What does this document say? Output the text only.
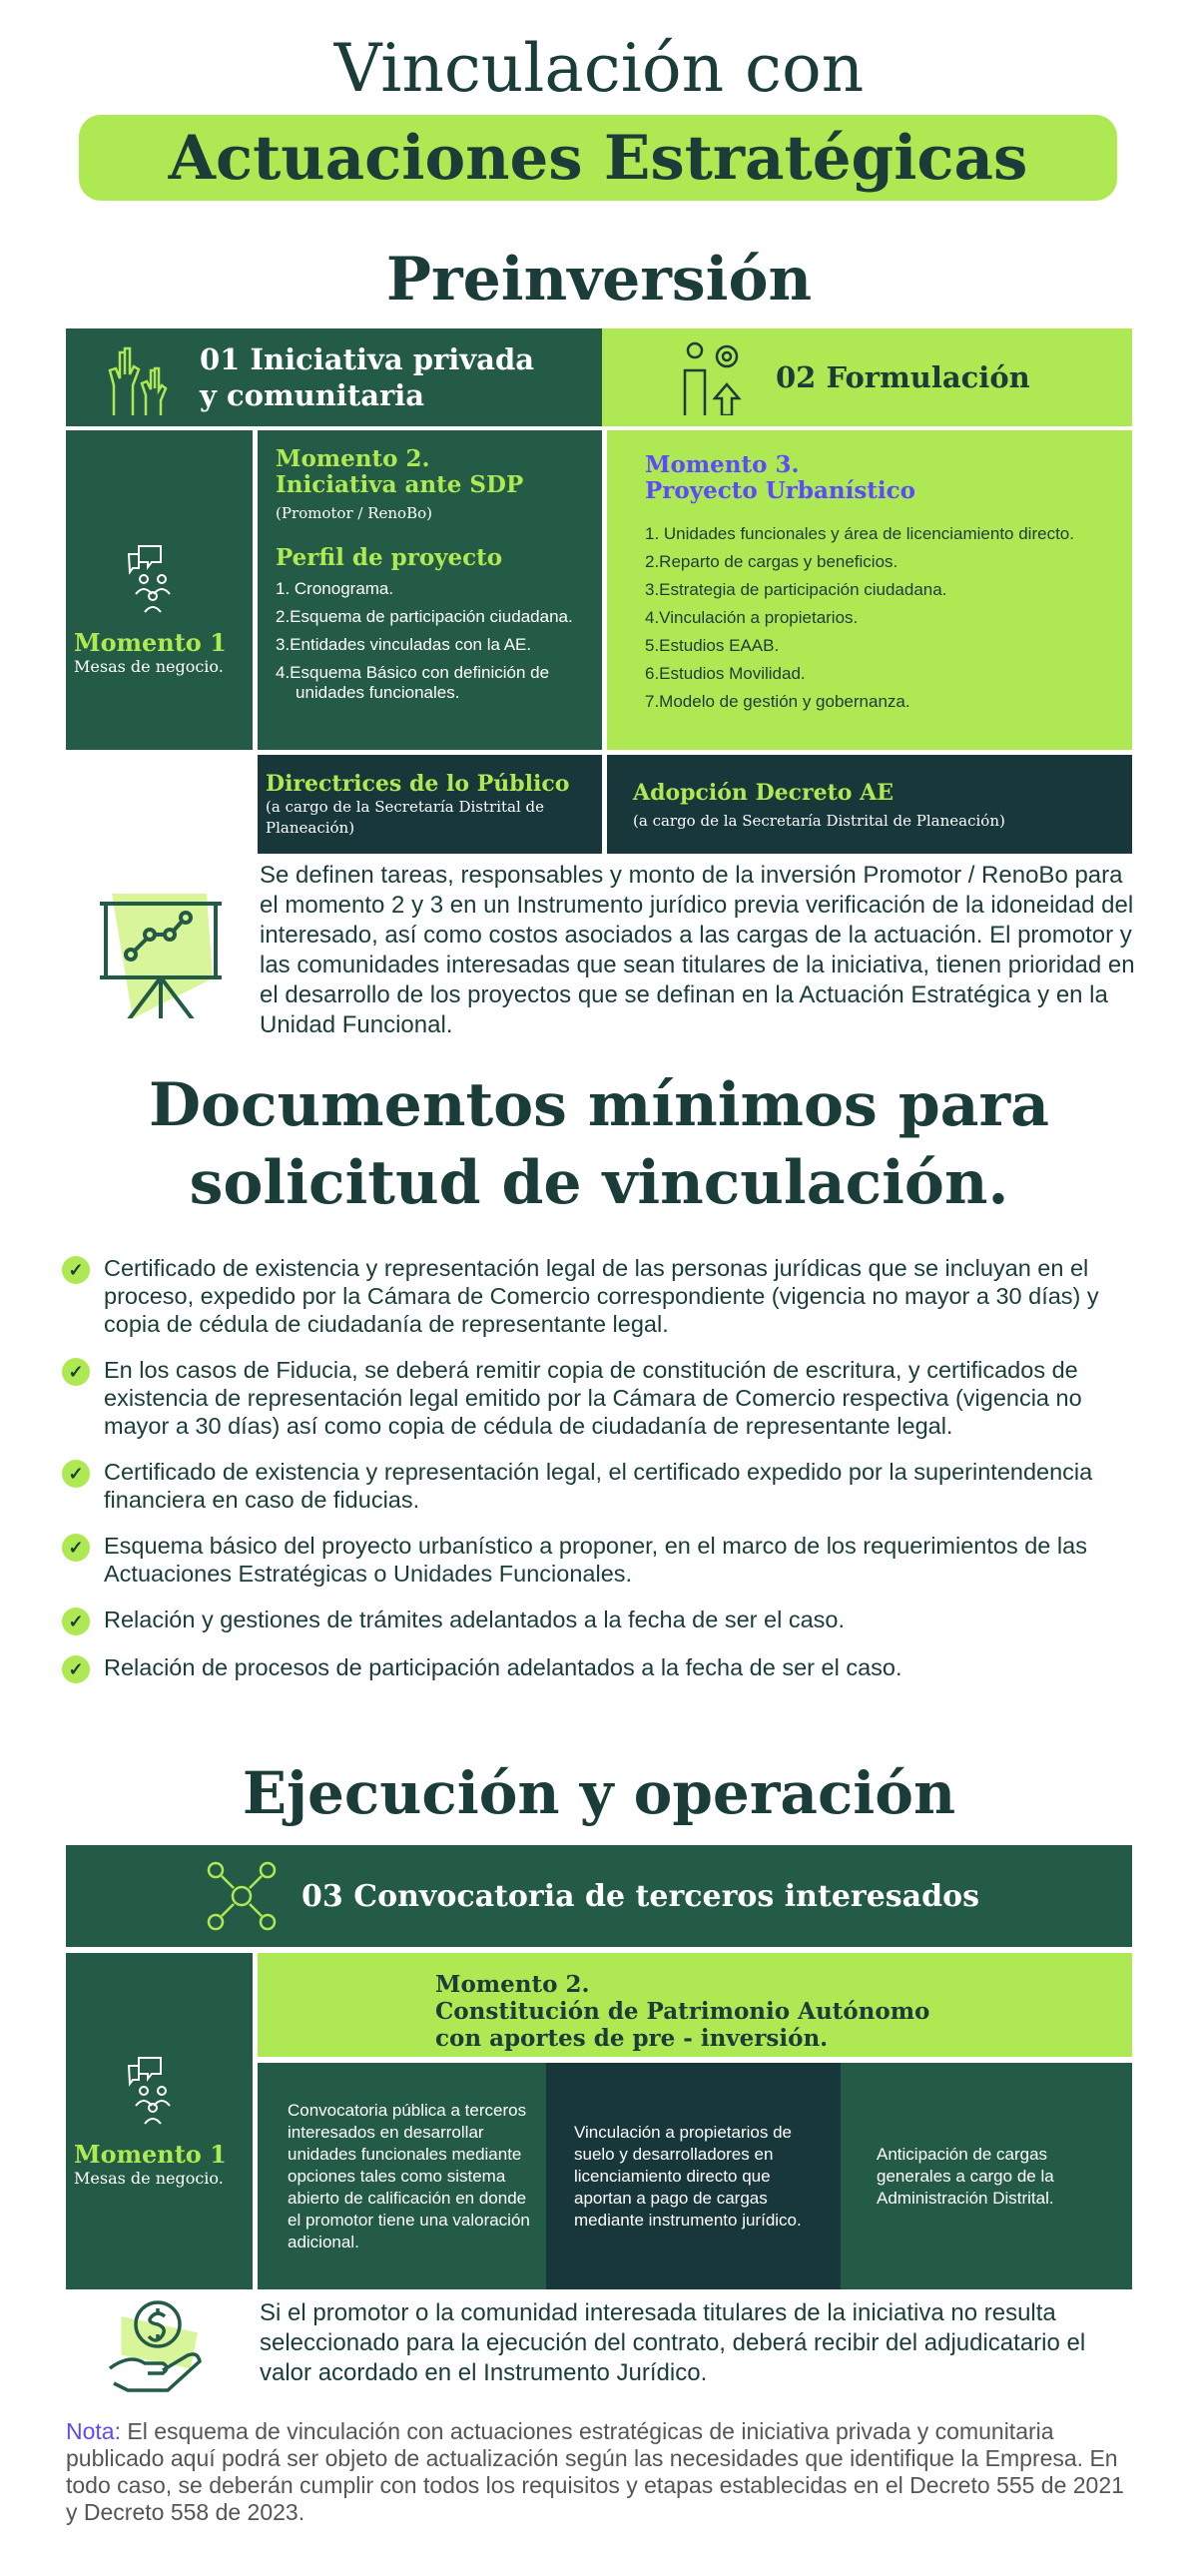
Vinculación con
Actuaciones Estratégicas
Preinversión
01 Iniciativa privada y comunitaria
02 Formulación
Momento 1
Mesas de negocio.
Momento 2.
Iniciativa ante SDP
(Promotor / RenoBo)
Perfil de proyecto
1. Cronograma.
2.Esquema de participación ciudadana.
3.Entidades vinculadas con la AE.
4.Esquema Básico con definición de unidades funcionales.
Momento 3.
Proyecto Urbanístico
1. Unidades funcionales y área de licenciamiento directo.
2.Reparto de cargas y beneficios.
3.Estrategia de participación ciudadana.
4.Vinculación a propietarios.
5.Estudios EAAB.
6.Estudios Movilidad.
7.Modelo de gestión y gobernanza.
Directrices de lo Público
(a cargo de la Secretaría Distrital de Planeación)
Adopción Decreto AE
(a cargo de la Secretaría Distrital de Planeación)
Se definen tareas, responsables y monto de la inversión Promotor / RenoBo para el momento 2 y 3 en un Instrumento jurídico previa verificación de la idoneidad del interesado, así como costos asociados a las cargas de la actuación. El promotor y las comunidades interesadas que sean titulares de la iniciativa, tienen prioridad en el desarrollo de los proyectos que se definan en la Actuación Estratégica y en la Unidad Funcional.
Documentos mínimos para
solicitud de vinculación.
✓ Certificado de existencia y representación legal de las personas jurídicas que se incluyan en el proceso, expedido por la Cámara de Comercio correspondiente (vigencia no mayor a 30 días) y copia de cédula de ciudadanía de representante legal.
✓ En los casos de Fiducia, se deberá remitir copia de constitución de escritura, y certificados de existencia de representación legal emitido por la Cámara de Comercio respectiva (vigencia no mayor a 30 días) así como copia de cédula de ciudadanía de representante legal.
✓ Certificado de existencia y representación legal, el certificado expedido por la superintendencia financiera en caso de fiducias.
✓ Esquema básico del proyecto urbanístico a proponer, en el marco de los requerimientos de las Actuaciones Estratégicas o Unidades Funcionales.
✓ Relación y gestiones de trámites adelantados a la fecha de ser el caso.
✓ Relación de procesos de participación adelantados a la fecha de ser el caso.
Ejecución y operación
03 Convocatoria de terceros interesados
Momento 1
Mesas de negocio.
Momento 2.
Constitución de Patrimonio Autónomo
con aportes de pre - inversión.
Convocatoria pública a terceros interesados en desarrollar unidades funcionales mediante opciones tales como sistema abierto de calificación en donde el promotor tiene una valoración adicional.
Vinculación a propietarios de suelo y desarrolladores en licenciamiento directo que aportan a pago de cargas mediante instrumento jurídico.
Anticipación de cargas generales a cargo de la Administración Distrital.
Si el promotor o la comunidad interesada titulares de la iniciativa no resulta seleccionado para la ejecución del contrato, deberá recibir del adjudicatario el valor acordado en el Instrumento Jurídico.
Nota: El esquema de vinculación con actuaciones estratégicas de iniciativa privada y comunitaria publicado aquí podrá ser objeto de actualización según las necesidades que identifique la Empresa. En todo caso, se deberán cumplir con todos los requisitos y etapas establecidas en el Decreto 555 de 2021 y Decreto 558 de 2023.
